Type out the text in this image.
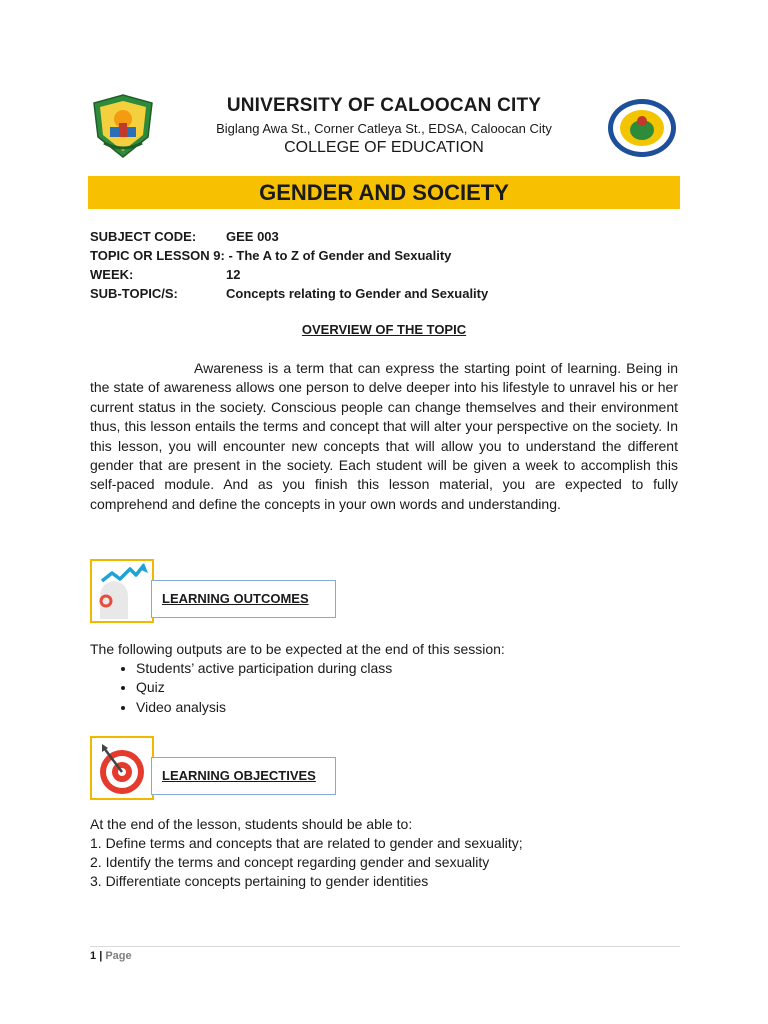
UNIVERSITY OF CALOOCAN CITY
Biglang Awa St., Corner Catleya St., EDSA, Caloocan City
COLLEGE OF EDUCATION
GENDER AND SOCIETY
SUBJECT CODE: GEE 003
TOPIC OR LESSON 9: - The A to Z of Gender and Sexuality
WEEK:	12
SUB-TOPIC/S:	Concepts relating to Gender and Sexuality
OVERVIEW OF THE TOPIC
Awareness is a term that can express the starting point of learning. Being in the state of awareness allows one person to delve deeper into his lifestyle to unravel his or her current status in the society. Conscious people can change themselves and their environment thus, this lesson entails the terms and concept that will alter your perspective on the society. In this lesson, you will encounter new concepts that will allow you to understand the different gender that are present in the society. Each student will be given a week to accomplish this self-paced module. And as you finish this lesson material, you are expected to fully comprehend and define the concepts in your own words and understanding.
LEARNING OUTCOMES
The following outputs are to be expected at the end of this session:
• Students’ active participation during class
• Quiz
• Video analysis
LEARNING OBJECTIVES
At the end of the lesson, students should be able to:
1. Define terms and concepts that are related to gender and sexuality;
2. Identify the terms and concept regarding gender and sexuality
3. Differentiate concepts pertaining to gender identities
1 | Page
